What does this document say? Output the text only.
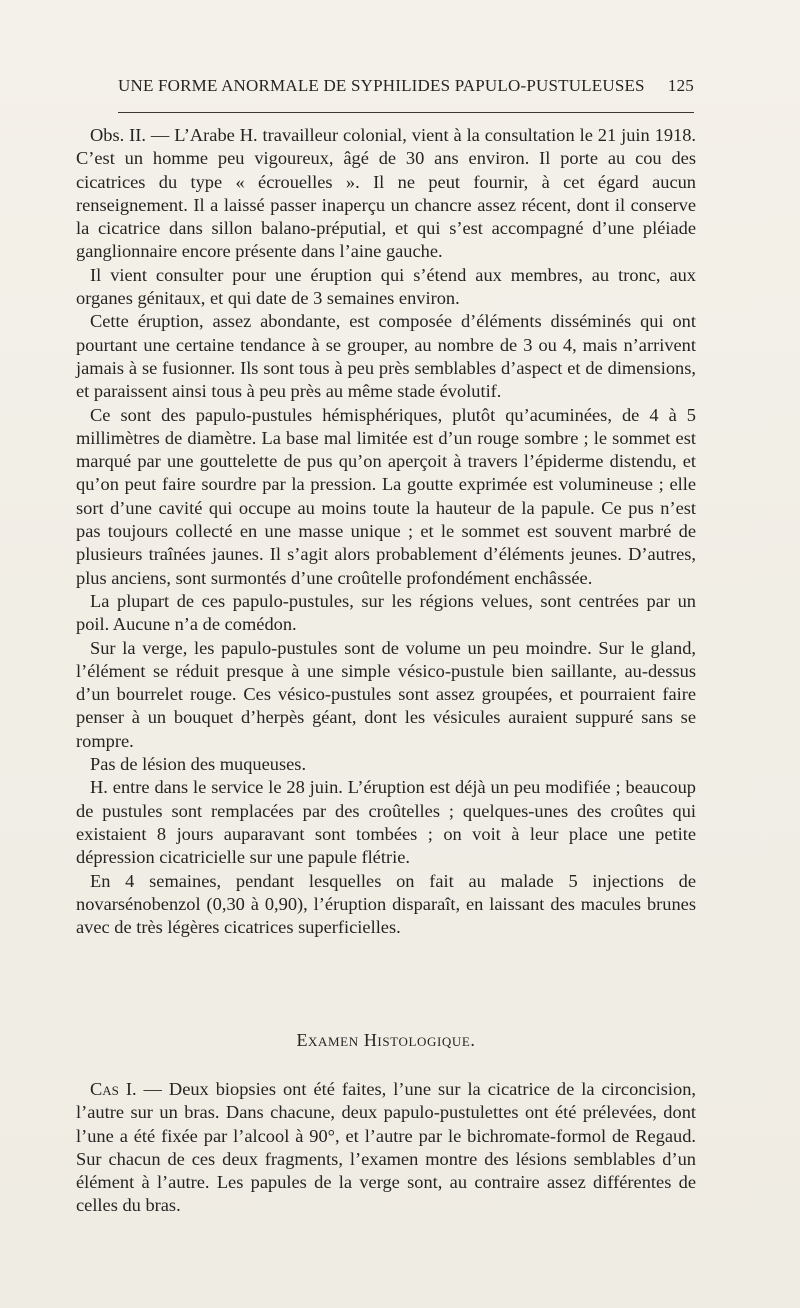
UNE FORME ANORMALE DE SYPHILIDES PAPULO-PUSTULEUSES 125

Obs. II. — L’Arabe H. travailleur colonial, vient à la consultation le 21 juin 1918. C’est un homme peu vigoureux, âgé de 30 ans environ. Il porte au cou des cicatrices du type « écrouelles ». Il ne peut fournir, à cet égard aucun renseignement. Il a laissé passer inaperçu un chancre assez récent, dont il conserve la cicatrice dans sillon balano-préputial, et qui s’est accompagné d’une pléiade ganglionnaire encore présente dans l’aine gauche.

Il vient consulter pour une éruption qui s’étend aux membres, au tronc, aux organes génitaux, et qui date de 3 semaines environ.

Cette éruption, assez abondante, est composée d’éléments disséminés qui ont pourtant une certaine tendance à se grouper, au nombre de 3 ou 4, mais n’arrivent jamais à se fusionner. Ils sont tous à peu près semblables d’aspect et de dimensions, et paraissent ainsi tous à peu près au même stade évolutif.

Ce sont des papulo-pustules hémisphériques, plutôt qu’acuminées, de 4 à 5 millimètres de diamètre. La base mal limitée est d’un rouge sombre ; le sommet est marqué par une gouttelette de pus qu’on aperçoit à travers l’épiderme distendu, et qu’on peut faire sourdre par la pression. La goutte exprimée est volumineuse ; elle sort d’une cavité qui occupe au moins toute la hauteur de la papule. Ce pus n’est pas toujours collecté en une masse unique ; et le sommet est souvent marbré de plusieurs traînées jaunes. Il s’agit alors probablement d’éléments jeunes. D’autres, plus anciens, sont surmontés d’une croûtelle profondément enchâssée.

La plupart de ces papulo-pustules, sur les régions velues, sont centrées par un poil. Aucune n’a de comédon.

Sur la verge, les papulo-pustules sont de volume un peu moindre. Sur le gland, l’élément se réduit presque à une simple vésico-pustule bien saillante, au-dessus d’un bourrelet rouge. Ces vésico-pustules sont assez groupées, et pourraient faire penser à un bouquet d’herpès géant, dont les vésicules auraient suppuré sans se rompre.

Pas de lésion des muqueuses.

H. entre dans le service le 28 juin. L’éruption est déjà un peu modifiée ; beaucoup de pustules sont remplacées par des croûtelles ; quelques-unes des croûtes qui existaient 8 jours auparavant sont tombées ; on voit à leur place une petite dépression cicatricielle sur une papule flétrie.

En 4 semaines, pendant lesquelles on fait au malade 5 injections de novarsénobenzol (0,30 à 0,90), l’éruption disparaît, en laissant des macules brunes avec de très légères cicatrices superficielles.

Examen Histologique.

Cas I. — Deux biopsies ont été faites, l’une sur la cicatrice de la circoncision, l’autre sur un bras. Dans chacune, deux papulo-pustulettes ont été prélevées, dont l’une a été fixée par l’alcool à 90°, et l’autre par le bichromate-formol de Regaud. Sur chacun de ces deux fragments, l’examen montre des lésions semblables d’un élément à l’autre. Les papules de la verge sont, au contraire assez différentes de celles du bras.
